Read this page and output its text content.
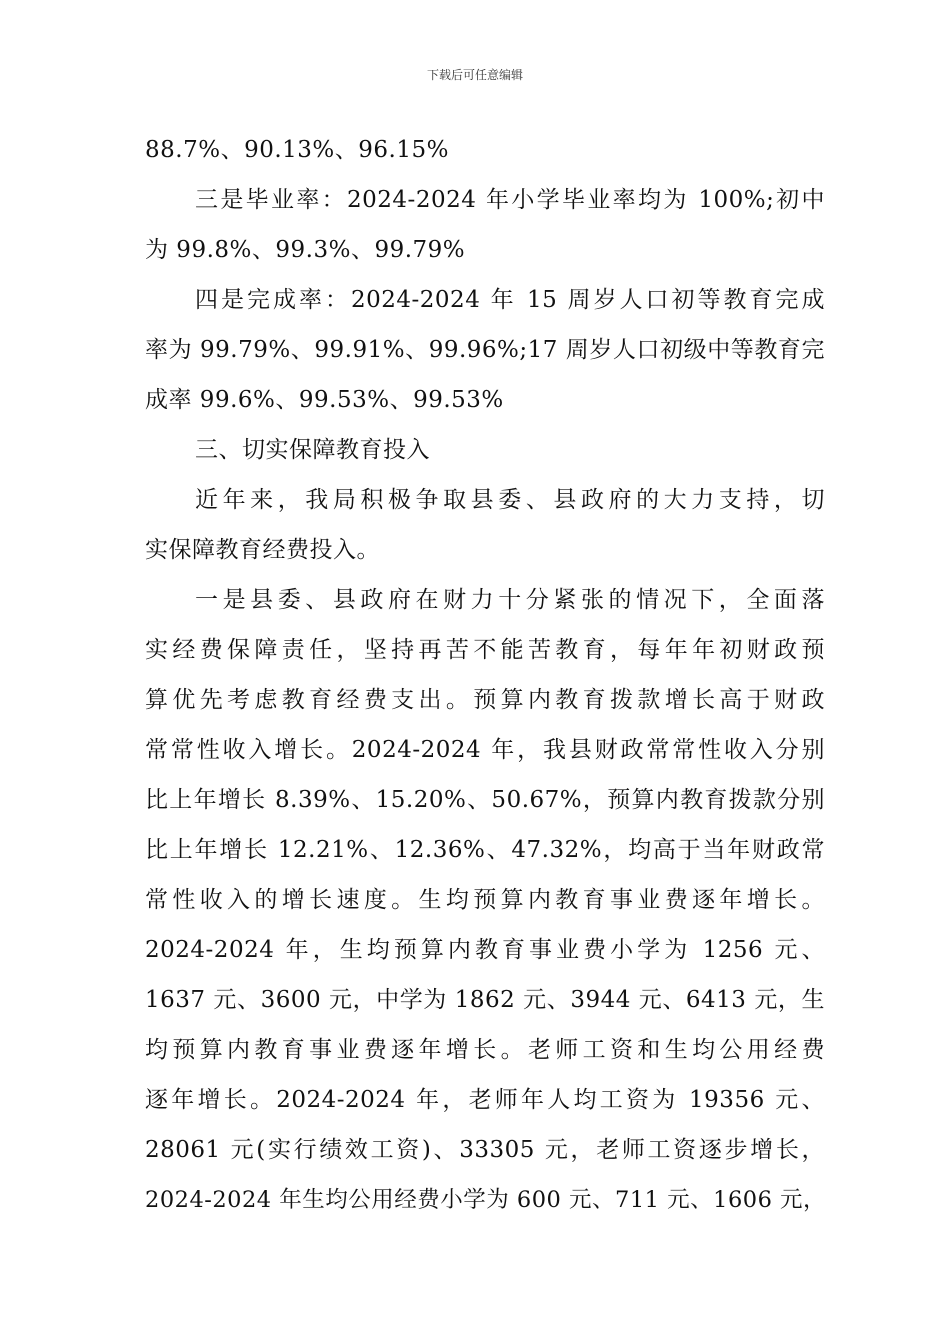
下载后可任意编辑
88.7%、90.13%、96.15%
三是毕业率：2024-2024 年小学毕业率均为 100%;初中
为 99.8%、99.3%、99.79%
四是完成率：2024-2024 年 15 周岁人口初等教育完成
率为 99.79%、99.91%、99.96%;17 周岁人口初级中等教育完
成率 99.6%、99.53%、99.53%
三、切实保障教育投入
近年来，我局积极争取县委、县政府的大力支持，切
实保障教育经费投入。
一是县委、县政府在财力十分紧张的情况下，全面落
实经费保障责任，坚持再苦不能苦教育，每年年初财政预
算优先考虑教育经费支出。预算内教育拨款增长高于财政
常常性收入增长。2024-2024 年，我县财政常常性收入分别
比上年增长 8.39%、15.20%、50.67%，预算内教育拨款分别
比上年增长 12.21%、12.36%、47.32%，均高于当年财政常
常性收入的增长速度。生均预算内教育事业费逐年增长。
2024-2024 年，生均预算内教育事业费小学为 1256 元、
1637 元、3600 元，中学为 1862 元、3944 元、6413 元，生
均预算内教育事业费逐年增长。老师工资和生均公用经费
逐年增长。2024-2024 年，老师年人均工资为 19356 元、
28061 元(实行绩效工资)、33305 元，老师工资逐步增长，
2024-2024 年生均公用经费小学为 600 元、711 元、1606 元，
